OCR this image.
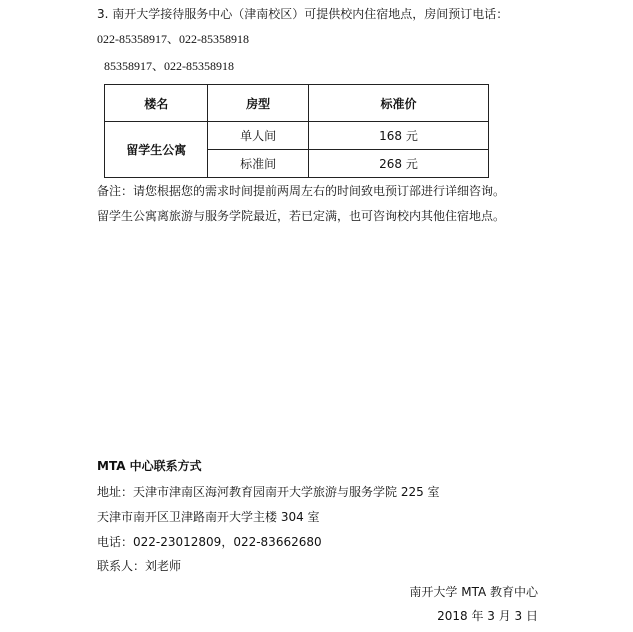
3. 南开大学接待服务中心（津南校区）可提供校内住宿地点，房间预订电话：
022-85358917、022-85358918
85358917、022-85358918
楼名	房型	标准价
留学生公寓	单人间	168 元
	标准间	268 元
备注：请您根据您的需求时间提前两周左右的时间致电预订部进行详细咨询。
留学生公寓离旅游与服务学院最近，若已定满，也可咨询校内其他住宿地点。
MTA 中心联系方式
地址：天津市津南区海河教育园南开大学旅游与服务学院 225 室
天津市南开区卫津路南开大学主楼 304 室
电话：022-23012809，022-83662680
联系人：刘老师
南开大学 MTA 教育中心
2018 年 3 月 3 日
